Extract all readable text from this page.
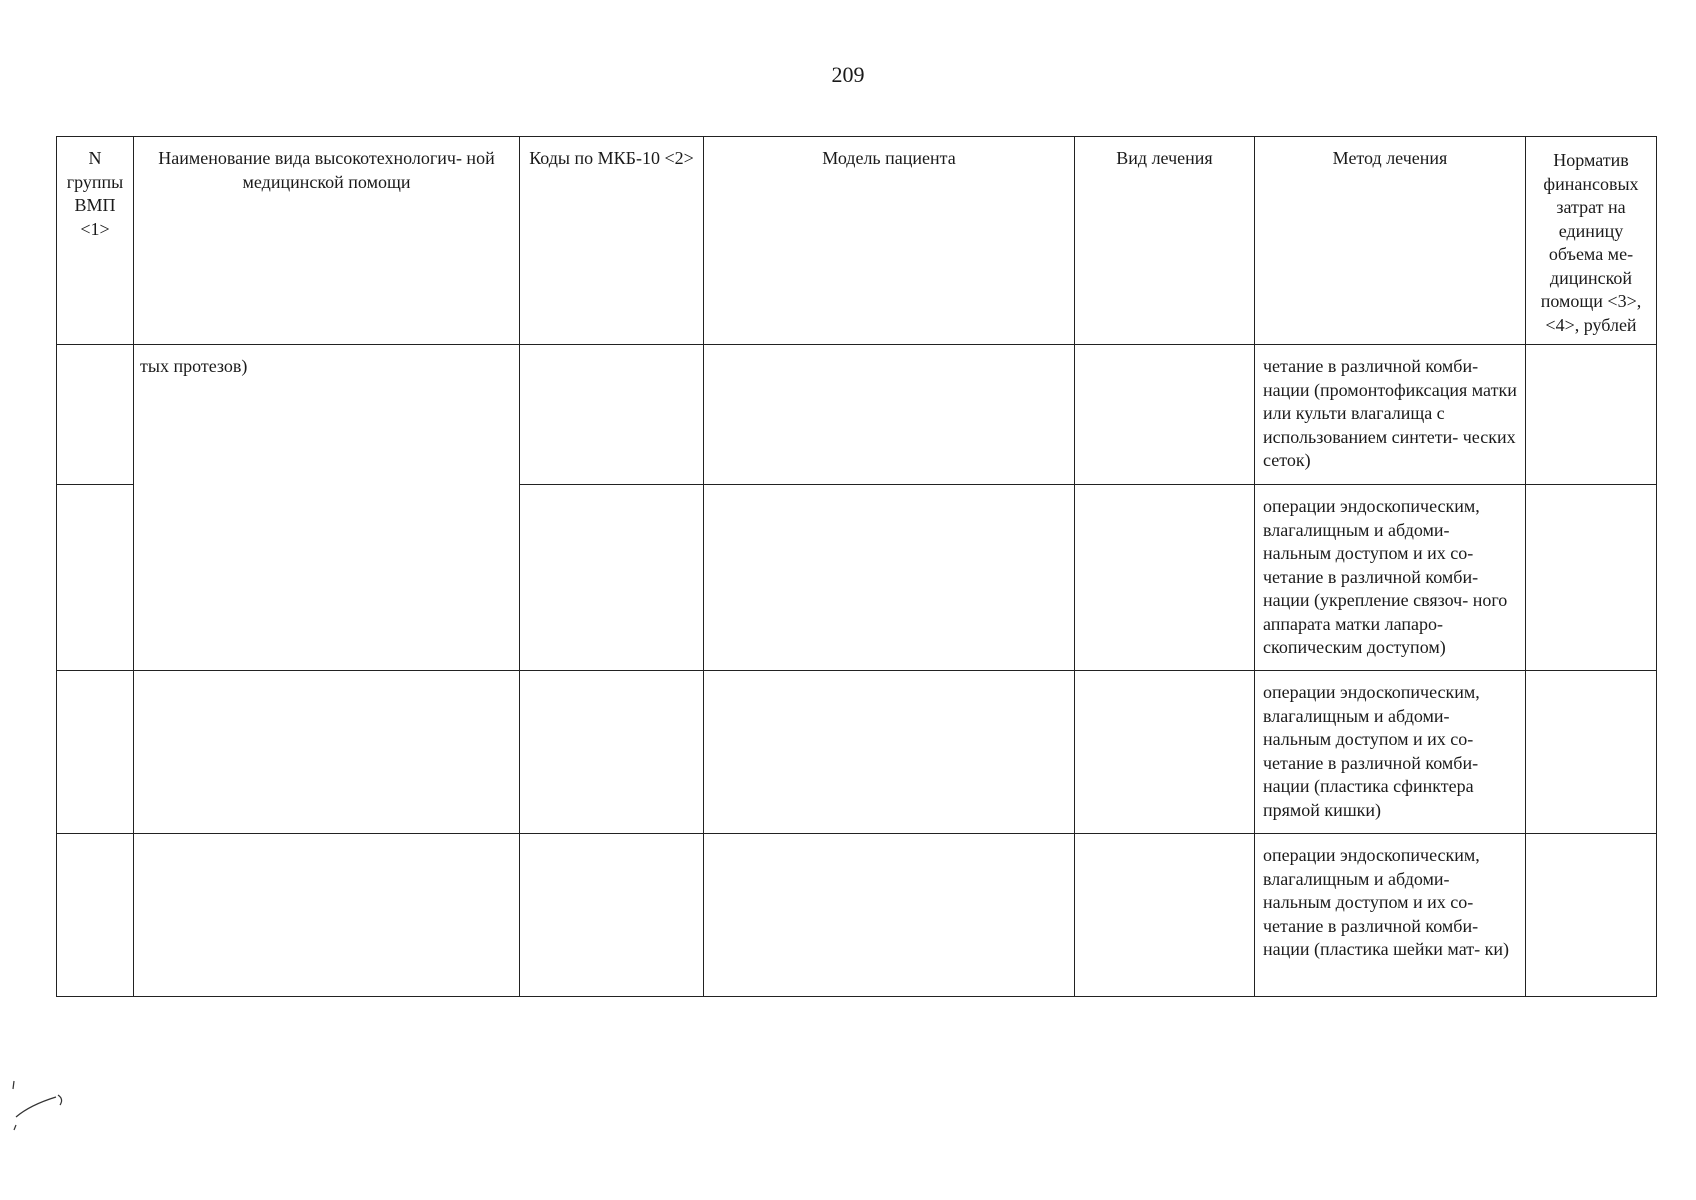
209
N группы ВМП <1>	Наименование вида высокотехнологич- ной медицинской помощи	Коды по МКБ-10 <2>	Модель пациента	Вид лечения	Метод лечения	Норматив финансовых затрат на единицу объема ме- дицинской помощи <3>, <4>, рублей
	тых протезов)				четание в различной комби- нации (промонтофиксация матки или культи влагалища с использованием синтети- ческих сеток)	
					операции эндоскопическим, влагалищным и абдоми- нальным доступом и их со- четание в различной комби- нации (укрепление связоч- ного аппарата матки лапаро- скопическим доступом)	
					операции эндоскопическим, влагалищным и абдоми- нальным доступом и их со- четание в различной комби- нации (пластика сфинктера прямой кишки)	
					операции эндоскопическим, влагалищным и абдоми- нальным доступом и их со- четание в различной комби- нации (пластика шейки мат- ки)	
